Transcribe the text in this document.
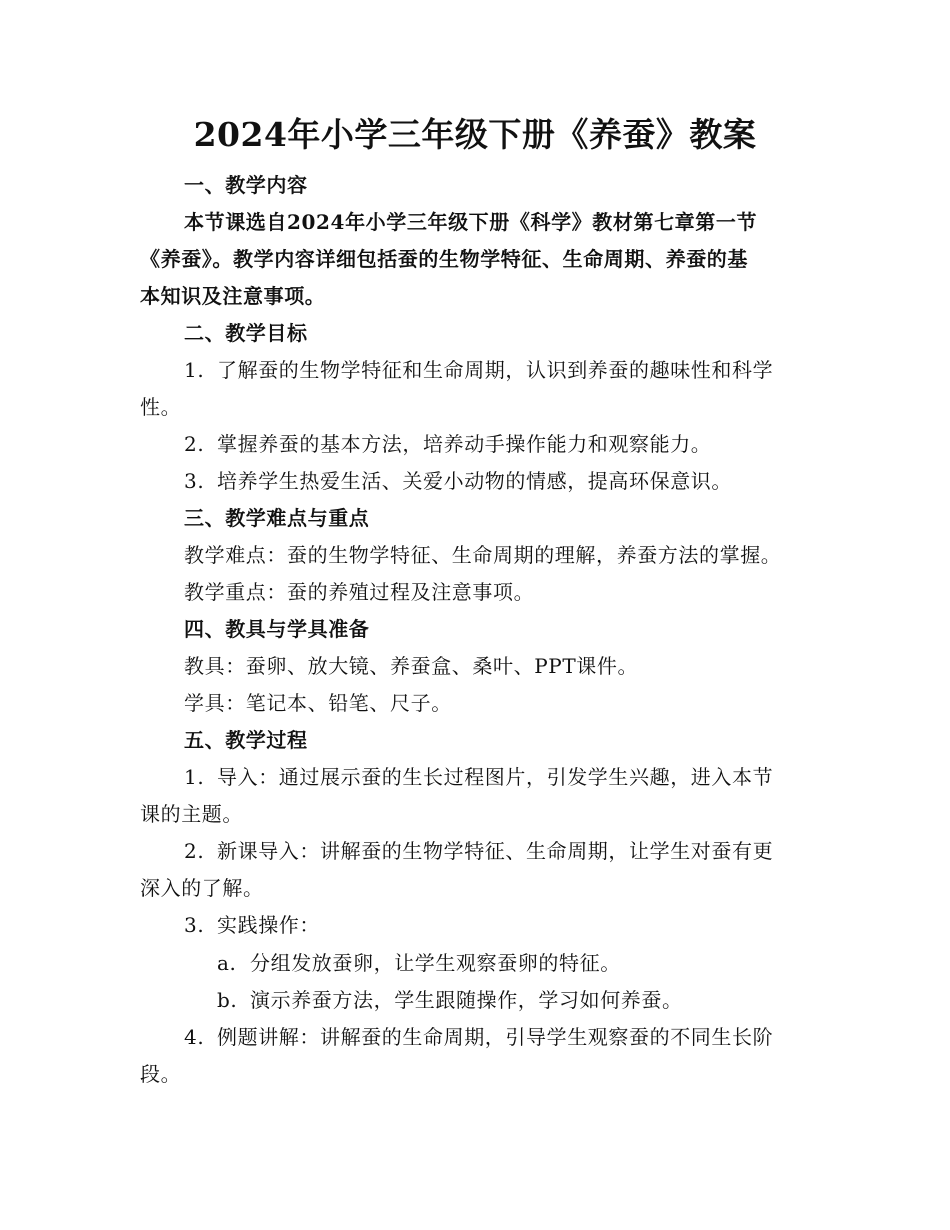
2024年小学三年级下册《养蚕》教案
一、教学内容
本节课选自2024年小学三年级下册《科学》教材第七章第一节
《养蚕》。教学内容详细包括蚕的生物学特征、生命周期、养蚕的基
本知识及注意事项。
二、教学目标
1. 了解蚕的生物学特征和生命周期，认识到养蚕的趣味性和科学
性。
2. 掌握养蚕的基本方法，培养动手操作能力和观察能力。
3. 培养学生热爱生活、关爱小动物的情感，提高环保意识。
三、教学难点与重点
教学难点：蚕的生物学特征、生命周期的理解，养蚕方法的掌握。
教学重点：蚕的养殖过程及注意事项。
四、教具与学具准备
教具：蚕卵、放大镜、养蚕盒、桑叶、PPT课件。
学具：笔记本、铅笔、尺子。
五、教学过程
1. 导入：通过展示蚕的生长过程图片，引发学生兴趣，进入本节
课的主题。
2. 新课导入：讲解蚕的生物学特征、生命周期，让学生对蚕有更
深入的了解。
3. 实践操作：
a. 分组发放蚕卵，让学生观察蚕卵的特征。
b. 演示养蚕方法，学生跟随操作，学习如何养蚕。
4. 例题讲解：讲解蚕的生命周期，引导学生观察蚕的不同生长阶
段。
